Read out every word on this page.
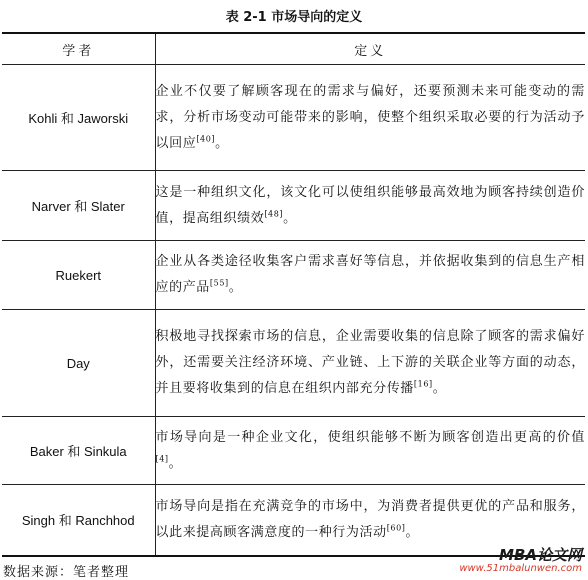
表 2-1 市场导向的定义
学者	定义
Kohli 和 Jaworski	企业不仅要了解顾客现在的需求与偏好，还要预测未来可能变动的需求，分析市场变动可能带来的影响，使整个组织采取必要的行为活动予以回应[40]。
Narver 和 Slater	这是一种组织文化，该文化可以使组织能够最高效地为顾客持续创造价值，提高组织绩效[48]。
Ruekert	企业从各类途径收集客户需求喜好等信息，并依据收集到的信息生产相应的产品[55]。
Day	积极地寻找探索市场的信息，企业需要收集的信息除了顾客的需求偏好外，还需要关注经济环境、产业链、上下游的关联企业等方面的动态，并且要将收集到的信息在组织内部充分传播[16]。
Baker 和 Sinkula	市场导向是一种企业文化，使组织能够不断为顾客创造出更高的价值[4]。
Singh 和 Ranchhod	市场导向是指在充满竞争的市场中，为消费者提供更优的产品和服务，以此来提高顾客满意度的一种行为活动[60]。
数据来源：笔者整理
MBA论文网
www.51mbalunwen.com
